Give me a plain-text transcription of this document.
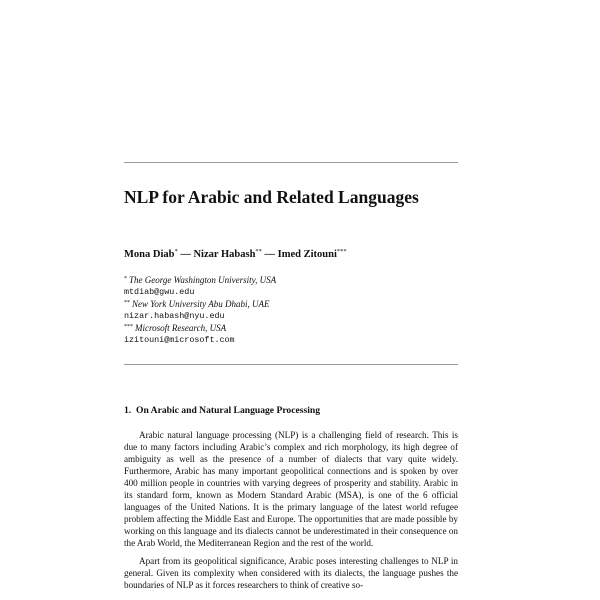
NLP for Arabic and Related Languages
Mona Diab* — Nizar Habash** — Imed Zitouni***
* The George Washington University, USA
mtdiab@gwu.edu
** New York University Abu Dhabi, UAE
nizar.habash@nyu.edu
*** Microsoft Research, USA
izitouni@microsoft.com
1. On Arabic and Natural Language Processing

Arabic natural language processing (NLP) is a challenging field of research. This is due to many factors including Arabic’s complex and rich morphology, its high degree of ambiguity as well as the presence of a number of dialects that vary quite widely. Furthermore, Arabic has many important geopolitical connections and is spoken by over 400 million people in countries with varying degrees of prosperity and stability. Arabic in its standard form, known as Modern Standard Arabic (MSA), is one of the 6 official languages of the United Nations. It is the primary language of the latest world refugee problem affecting the Middle East and Europe. The opportunities that are made possible by working on this language and its dialects cannot be underestimated in their consequence on the Arab World, the Mediterranean Region and the rest of the world.

Apart from its geopolitical significance, Arabic poses interesting challenges to NLP in general. Given its complexity when considered with its dialects, the language pushes the boundaries of NLP as it forces researchers to think of creative so-
